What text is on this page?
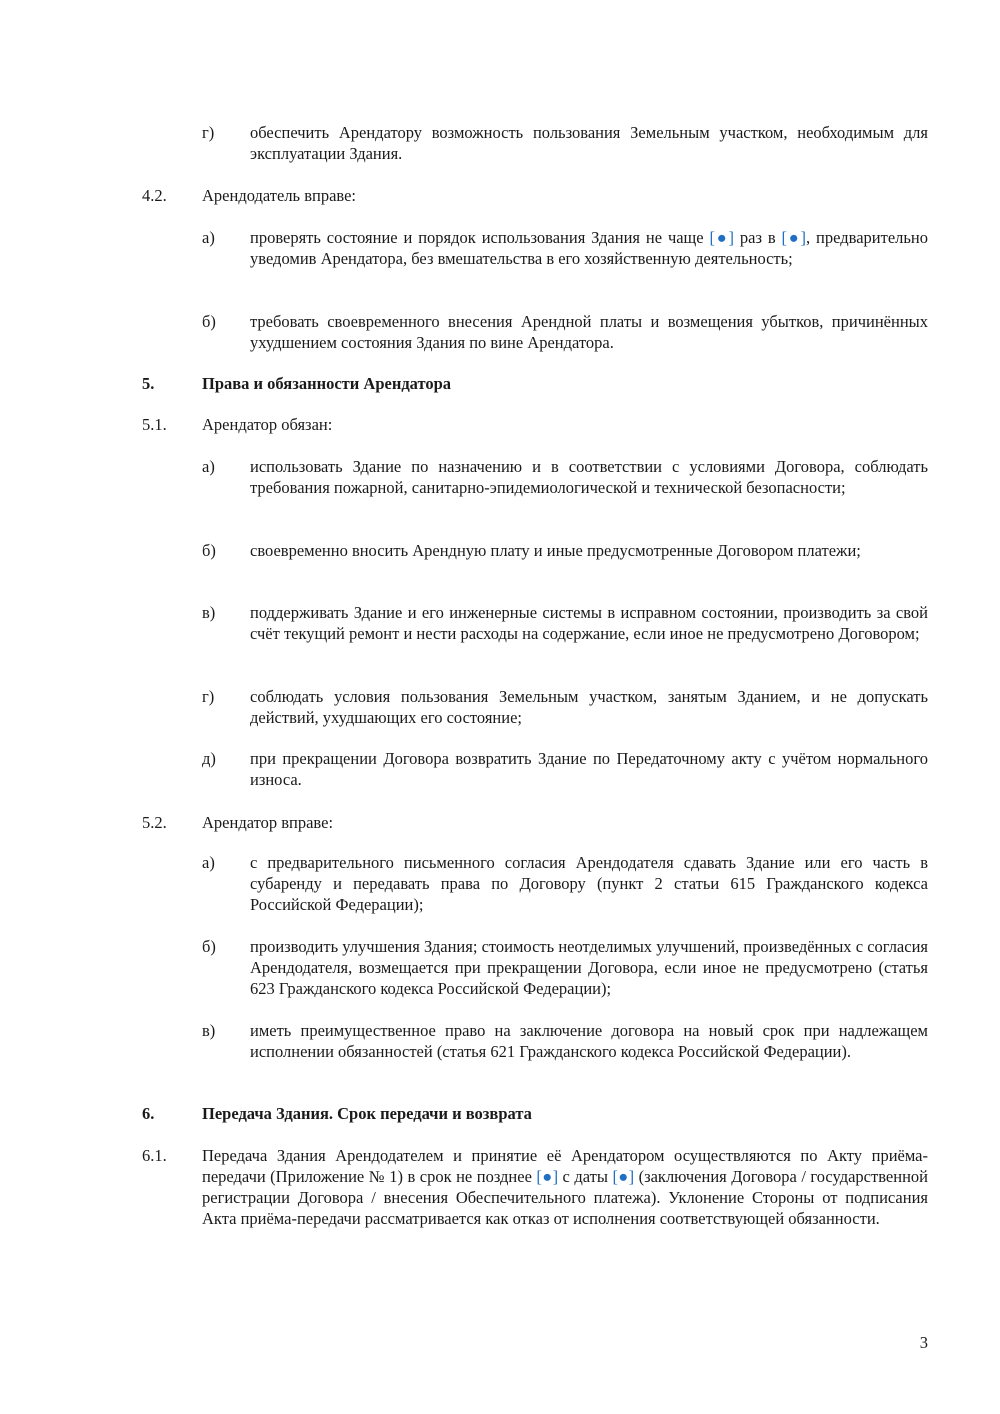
г) обеспечить Арендатору возможность пользования Земельным участком, необходимым для эксплуатации Здания.
4.2. Арендодатель вправе:
а) проверять состояние и порядок использования Здания не чаще [●] раз в [●], предварительно уведомив Арендатора, без вмешательства в его хозяйственную деятельность;
б) требовать своевременного внесения Арендной платы и возмещения убытков, причинённых ухудшением состояния Здания по вине Арендатора.
5.	Права и обязанности Арендатора
5.1. Арендатор обязан:
а) использовать Здание по назначению и в соответствии с условиями Договора, соблюдать требования пожарной, санитарно-эпидемиологической и технической безопасности;
б) своевременно вносить Арендную плату и иные предусмотренные Договором платежи;
в) поддерживать Здание и его инженерные системы в исправном состоянии, производить за свой счёт текущий ремонт и нести расходы на содержание, если иное не предусмотрено Договором;
г) соблюдать условия пользования Земельным участком, занятым Зданием, и не допускать действий, ухудшающих его состояние;
д) при прекращении Договора возвратить Здание по Передаточному акту с учётом нормального износа.
5.2. Арендатор вправе:
а) с предварительного письменного согласия Арендодателя сдавать Здание или его часть в субаренду и передавать права по Договору (пункт 2 статьи 615 Гражданского кодекса Российской Федерации);
б) производить улучшения Здания; стоимость неотделимых улучшений, произведённых с согласия Арендодателя, возмещается при прекращении Договора, если иное не предусмотрено (статья 623 Гражданского кодекса Российской Федерации);
в) иметь преимущественное право на заключение договора на новый срок при надлежащем исполнении обязанностей (статья 621 Гражданского кодекса Российской Федерации).
6.	Передача Здания. Срок передачи и возврата
6.1. Передача Здания Арендодателем и принятие её Арендатором осуществляются по Акту приёма-передачи (Приложение № 1) в срок не позднее [●] с даты [●] (заключения Договора / государственной регистрации Договора / внесения Обеспечительного платежа). Уклонение Стороны от подписания Акта приёма-передачи рассматривается как отказ от исполнения соответствующей обязанности.
3
